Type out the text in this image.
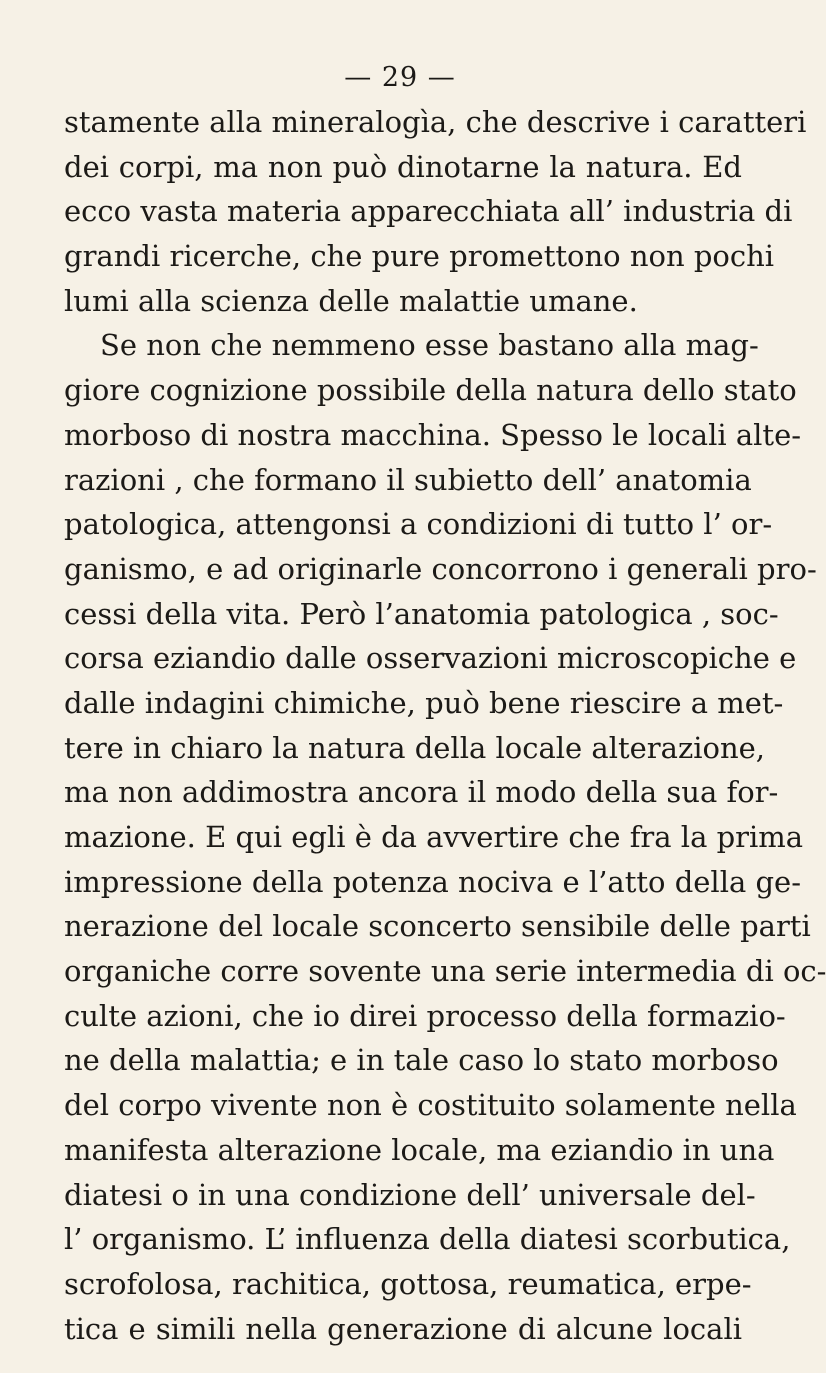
— 29 —
stamente alla mineralogìa, che descrive i caratteri
dei corpi, ma non può dinotarne la natura. Ed
ecco vasta materia apparecchiata all’ industria di
grandi ricerche, che pure promettono non pochi
lumi alla scienza delle malattie umane.
Se non che nemmeno esse bastano alla mag-
giore cognizione possibile della natura dello stato
morboso di nostra macchina. Spesso le locali alte-
razioni , che formano il subietto dell’ anatomia
patologica, attengonsi a condizioni di tutto l’ or-
ganismo, e ad originarle concorrono i generali pro-
cessi della vita. Però l’anatomia patologica , soc-
corsa eziandio dalle osservazioni microscopiche e
dalle indagini chimiche, può bene riescire a met-
tere in chiaro la natura della locale alterazione,
ma non addimostra ancora il modo della sua for-
mazione. E qui egli è da avvertire che fra la prima
impressione della potenza nociva e l’atto della ge-
nerazione del locale sconcerto sensibile delle parti
organiche corre sovente una serie intermedia di oc-
culte azioni, che io direi processo della formazio-
ne della malattia; e in tale caso lo stato morboso
del corpo vivente non è costituito solamente nella
manifesta alterazione locale, ma eziandio in una
diatesi o in una condizione dell’ universale del-
l’ organismo. L’ influenza della diatesi scorbutica,
scrofolosa, rachitica, gottosa, reumatica, erpe-
tica e simili nella generazione di alcune locali
